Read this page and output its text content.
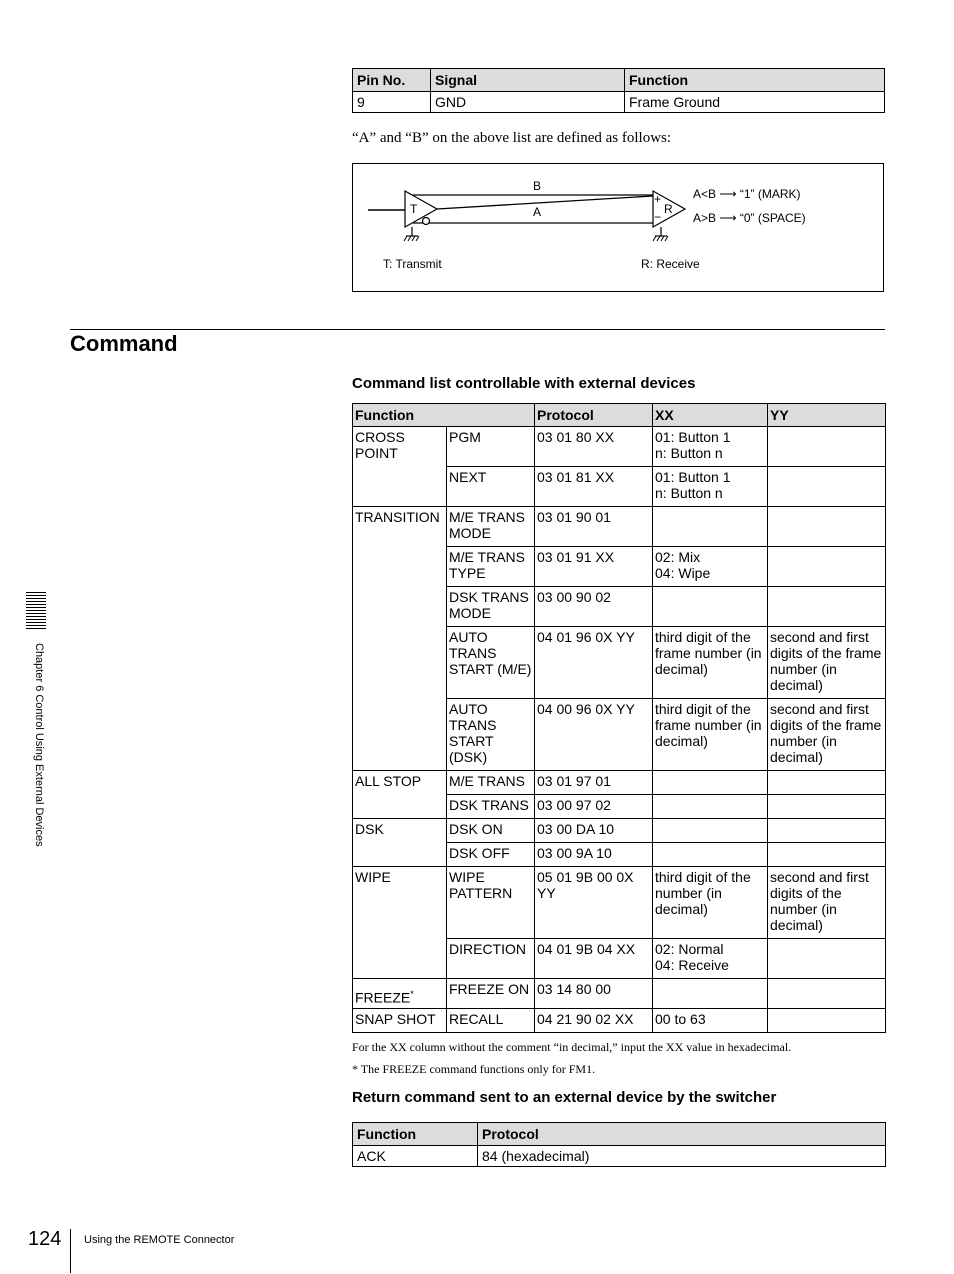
Pin No.	Signal	Function
9	GND	Frame Ground
“A” and “B” on the above list are defined as follows:
B
A
T	R
+
−
A<B ⟶ “1” (MARK)
A>B ⟶ “0” (SPACE)
T: Transmit	R: Receive
Command
Command list controllable with external devices
Function		Protocol	XX	YY
CROSS POINT	PGM	03 01 80 XX	01: Button 1
n: Button n	
	NEXT	03 01 81 XX	01: Button 1
n: Button n	
TRANSITION	M/E TRANS MODE	03 01 90 01		
	M/E TRANS TYPE	03 01 91 XX	02: Mix
04: Wipe	
	DSK TRANS MODE	03 00 90 02		
	AUTO TRANS START (M/E)	04 01 96 0X YY	third digit of the frame number (in decimal)	second and first digits of the frame number (in decimal)
	AUTO TRANS START (DSK)	04 00 96 0X YY	third digit of the frame number (in decimal)	second and first digits of the frame number (in decimal)
ALL STOP	M/E TRANS	03 01 97 01		
	DSK TRANS	03 00 97 02		
DSK	DSK ON	03 00 DA 10		
	DSK OFF	03 00 9A 10		
WIPE	WIPE PATTERN	05 01 9B 00 0X YY	third digit of the number (in decimal)	second and first digits of the number (in decimal)
	DIRECTION	04 01 9B 04 XX	02: Normal
04: Receive	
FREEZE*	FREEZE ON	03 14 80 00		
SNAP SHOT	RECALL	04 21 90 02 XX	00 to 63	
For the XX column without the comment “in decimal,” input the XX value in hexadecimal.
* The FREEZE command functions only for FM1.
Return command sent to an external device by the switcher
Function	Protocol
ACK	84 (hexadecimal)
Chapter 6 Control Using External Devices
124 Using the REMOTE Connector
